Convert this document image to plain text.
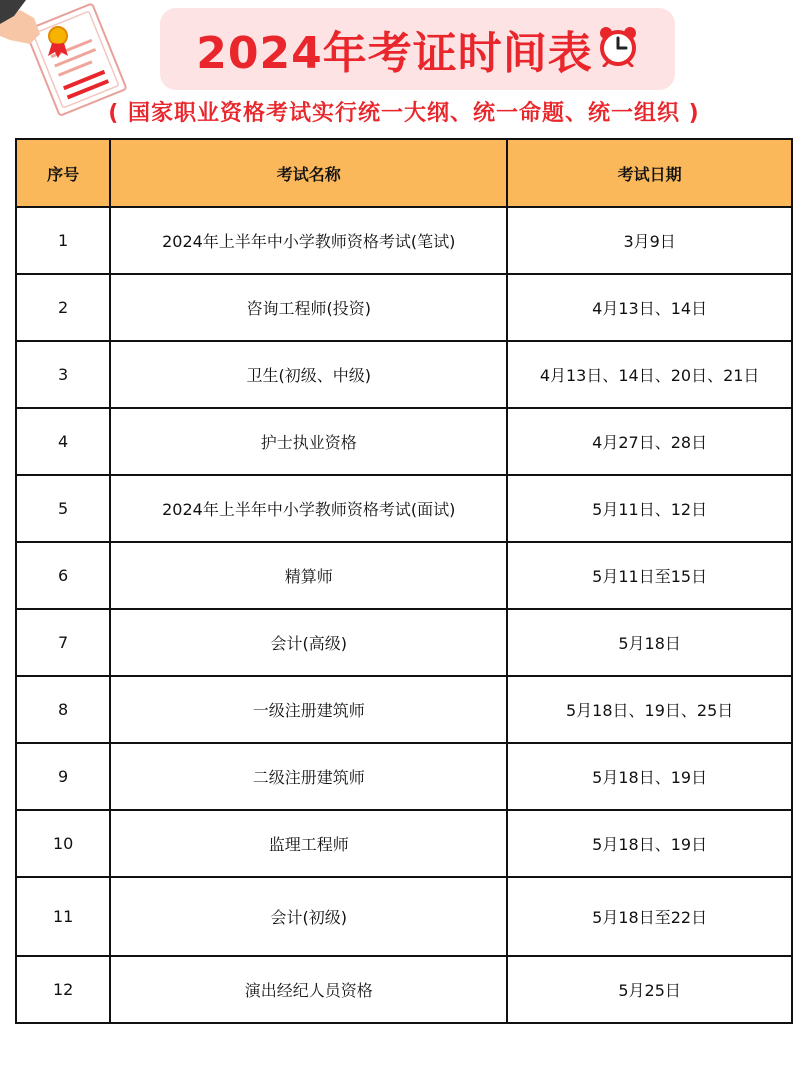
2024年考证时间表
( 国家职业资格考试实行统一大纲、统一命题、统一组织 )
序号	考试名称	考试日期
1	2024年上半年中小学教师资格考试(笔试)	3月9日
2	咨询工程师(投资)	4月13日、14日
3	卫生(初级、中级)	4月13日、14日、20日、21日
4	护士执业资格	4月27日、28日
5	2024年上半年中小学教师资格考试(面试)	5月11日、12日
6	精算师	5月11日至15日
7	会计(高级)	5月18日
8	一级注册建筑师	5月18日、19日、25日
9	二级注册建筑师	5月18日、19日
10	监理工程师	5月18日、19日
11	会计(初级)	5月18日至22日
12	演出经纪人员资格	5月25日
